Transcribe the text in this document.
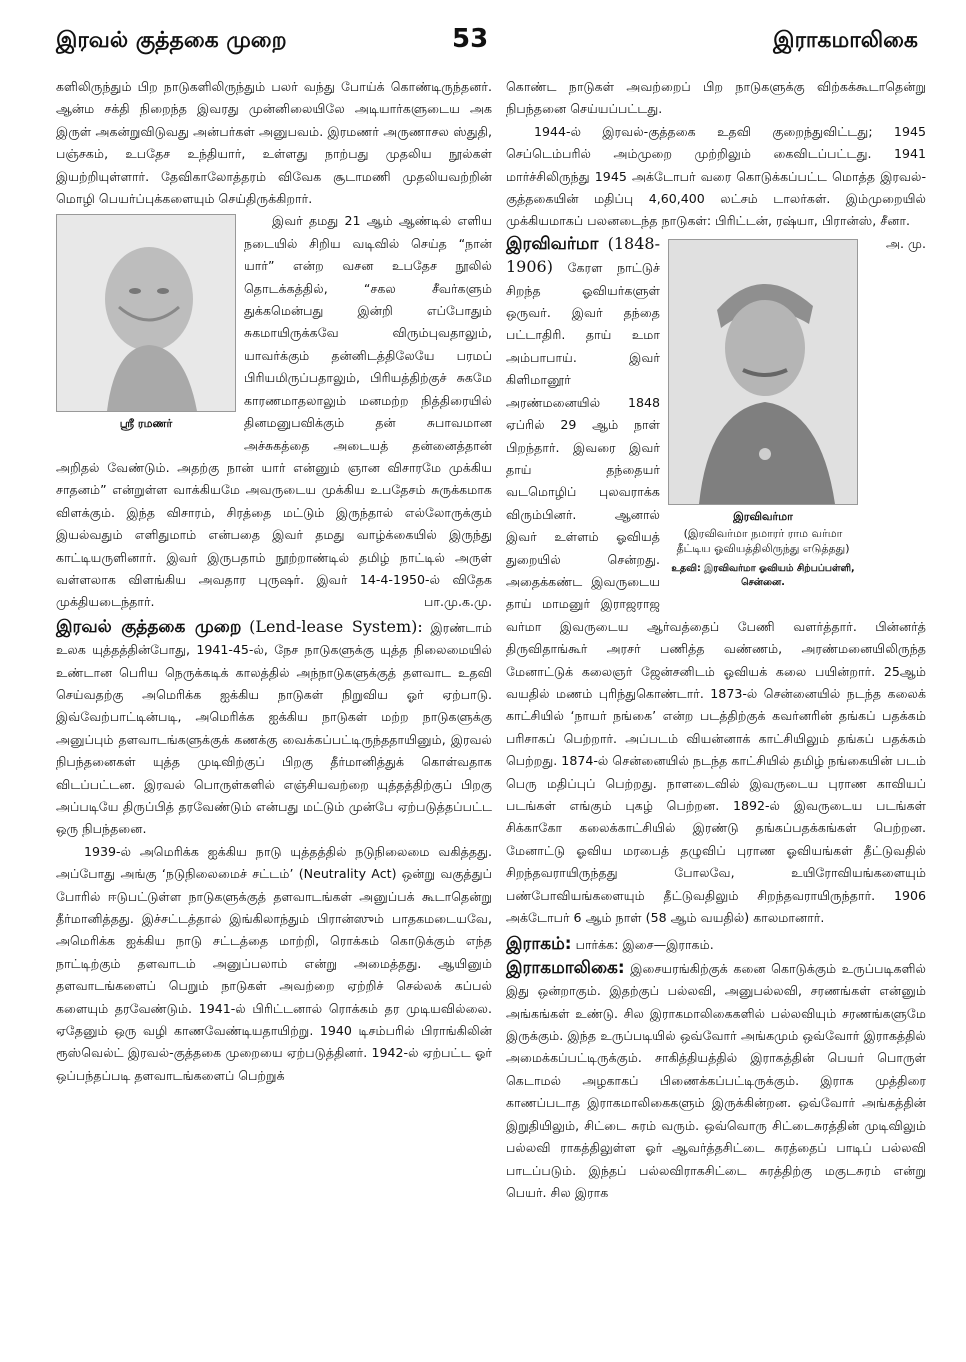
இரவல் குத்தகை முறை	53	இராகமாலிகை

களிலிருந்தும் பிற நாடுகளிலிருந்தும் பலர் வந்து போய்க் கொண்டிருந்தனர். ஆன்ம சக்தி நிறைந்த இவரது முன்னிலையிலே அடியார்களுடைய அக இருள் அகன்றுவிடுவது அன்பர்கள் அனுபவம். இரமணர் அருணாசல ஸ்துதி, பஞ்சகம், உபதேச உந்தியார், உள்ளது நாற்பது முதலிய நூல்கள் இயற்றியுள்ளார். தேவிகாலோத்தரம் விவேக சூடாமணி முதலியவற்றின் மொழி பெயர்ப்புக்களையும் செய்திருக்கிறார்.

ஸ்ரீ ரமணர்

இவர் தமது 21 ஆம் ஆண்டில் எளிய நடையில் சிறிய வடிவில் செய்த “நான் யார்” என்ற வசன உபதேச நூலில் தொடக்கத்தில், “சகல சீவர்களும் துக்கமென்பது இன்றி எப்போதும் சுகமாயிருக்கவே விரும்புவதாலும், யாவர்க்கும் தன்னிடத்திலேயே பரமப் பிரியமிருப்பதாலும், பிரியத்திற்குச் சுகமே காரணமாதலாலும் மனமற்ற நித்திரையில் தினமனுபவிக்கும் தன் சுபாவமான அச்சுகத்தை அடையத் தன்னைத்தான் அறிதல் வேண்டும். அதற்கு நான் யார் என்னும் ஞான விசாரமே முக்கிய சாதனம்” என்றுள்ள வாக்கியமே அவருடைய முக்கிய உபதேசம் சுருக்கமாக விளக்கும். இந்த விசாரம், சிரத்தை மட்டும் இருந்தால் எல்லோருக்கும் இயல்வதும் எளிதுமாம் என்பதை இவர் தமது வாழ்க்கையில் இருந்து காட்டியருளினார். இவர் இருபதாம் நூற்றாண்டில் தமிழ் நாட்டில் அருள் வள்ளலாக விளங்கிய அவதார புருஷர். இவர் 14-4-1950-ல் விதேக முக்தியடைந்தார்.	பா.மு.க.மு.

இரவல் குத்தகை முறை (Lend-lease System): இரண்டாம் உலக யுத்தத்தின்போது, 1941-45-ல், நேச நாடுகளுக்கு யுத்த நிலைமையில் உண்டான பெரிய நெருக்கடிக் காலத்தில் அந்நாடுகளுக்குத் தளவாட உதவி செய்வதற்கு அமெரிக்க ஐக்கிய நாடுகள் நிறுவிய ஓர் ஏற்பாடு. இவ்வேற்பாட்டின்படி, அமெரிக்க ஐக்கிய நாடுகள் மற்ற நாடுகளுக்கு அனுப்பும் தளவாடங்களுக்குக் கணக்கு வைக்கப்பட்டிருந்ததாயினும், இரவல் நிபந்தனைகள் யுத்த முடிவிற்குப் பிறகு தீர்மானித்துக் கொள்வதாக விடப்பட்டன. இரவல் பொருள்களில் எஞ்சியவற்றை யுத்தத்திற்குப் பிறகு அப்படியே திருப்பித் தரவேண்டும் என்பது மட்டும் முன்பே ஏற்படுத்தப்பட்ட ஒரு நிபந்தனை.

1939-ல் அமெரிக்க ஐக்கிய நாடு யுத்தத்தில் நடுநிலைமை வகித்தது. அப்போது அங்கு ‘நடுநிலைமைச் சட்டம்’ (Neutrality Act) ஒன்று வகுத்துப் போரில் ஈடுபட்டுள்ள நாடுகளுக்குத் தளவாடங்கள் அனுப்பக் கூடாதென்று தீர்மானித்தது. இச்சட்டத்தால் இங்கிலாந்தும் பிரான்ஸும் பாதகமடையவே, அமெரிக்க ஐக்கிய நாடு சட்டத்தை மாற்றி, ரொக்கம் கொடுக்கும் எந்த நாட்டிற்கும் தளவாடம் அனுப்பலாம் என்று அமைத்தது. ஆயினும் தளவாடங்களைப் பெறும் நாடுகள் அவற்றை ஏற்றிச் செல்லக் கப்பல் களையும் தரவேண்டும். 1941-ல் பிரிட்டனால் ரொக்கம் தர முடியவில்லை. ஏதேனும் ஒரு வழி காணவேண்டியதாயிற்று. 1940 டிசம்பரில் பிராங்கிலின் ரூஸ்வெல்ட் இரவல்-குத்தகை முறையை ஏற்படுத்தினர். 1942-ல் ஏற்பட்ட ஓர் ஒப்பந்தப்படி தளவாடங்களைப் பெற்றுக்

கொண்ட நாடுகள் அவற்றைப் பிற நாடுகளுக்கு விற்கக்கூடாதென்று நிபந்தனை செய்யப்பட்டது.

1944-ல் இரவல்-குத்தகை உதவி குறைந்துவிட்டது; 1945 செப்டெம்பரில் அம்முறை முற்றிலும் கைவிடப்பட்டது. 1941 மார்ச்சிலிருந்து 1945 அக்டோபர் வரை கொடுக்கப்பட்ட மொத்த இரவல்-குத்தகையின் மதிப்பு 4,60,400 லட்சம் டாலர்கள். இம்முறையில் முக்கியமாகப் பலனடைந்த நாடுகள்: பிரிட்டன், ரஷ்யா, பிரான்ஸ், சீனா.
அ. மு.

இரவிவர்மா
(இரவிவர்மா நமாரர் ராம வர்மா தீட்டிய ஓவியத்திலிருந்து எடுத்தது)
உதவி: இரவிவர்மா ஓவியம் சிற்பப்பள்ளி, சென்னை.

இரவிவர்மா (1848-1906) கேரள நாட்டுச் சிறந்த ஓவியர்களுள் ஒருவர். இவர் தந்தை பட்டாதிரி. தாய் உமா அம்பாபாய். இவர் கிளிமானூர் அரண்மனையில் 1848 ஏப்ரில் 29 ஆம் நாள் பிறந்தார். இவரை இவர் தாய் தந்தையர் வடமொழிப் புலவராக்க விரும்பினர். ஆனால் இவர் உள்ளம் ஓவியத் துறையில் சென்றது. அதைக்கண்ட இவருடைய தாய் மாமனுர் இராஜராஜ வர்மா இவருடைய ஆர்வத்தைப் பேணி வளர்த்தார். பின்னர்த் திருவிதாங்கூர் அரசர் பணித்த வண்ணம், அரண்மனையிலிருந்த மேனாட்டுக் கலைஞர் ஜேன்சனிடம் ஓவியக் கலை பயின்றார். 25ஆம் வயதில் மணம் புரிந்துகொண்டார். 1873-ல் சென்னையில் நடந்த கலைக் காட்சியில் ‘நாயர் நங்கை’ என்ற படத்திற்குக் கவர்னரின் தங்கப் பதக்கம் பரிசாகப் பெற்றார். அப்படம் வியன்னாக் காட்சியிலும் தங்கப் பதக்கம் பெற்றது. 1874-ல் சென்னையில் நடந்த காட்சியில் தமிழ் நங்கையின் படம் பெரு மதிப்புப் பெற்றது. நாளடைவில் இவருடைய புராண காவியப் படங்கள் எங்கும் புகழ் பெற்றன. 1892-ல் இவருடைய படங்கள் சிக்காகோ கலைக்காட்சியில் இரண்டு தங்கப்பதக்கங்கள் பெற்றன. மேனாட்டு ஓவிய மரபைத் தழுவிப் புராண ஓவியங்கள் தீட்டுவதில் சிறந்தவராயிருந்தது போலவே, உயிரோவியங்களையும் பண்போவியங்களையும் தீட்டுவதிலும் சிறந்தவராயிருந்தார். 1906 அக்டோபர் 6 ஆம் நாள் (58 ஆம் வயதில்) காலமானார்.

இராகம்: பார்க்க: இசை—இராகம்.

இராகமாலிகை: இசையரங்கிற்குக் கனை கொடுக்கும் உருப்படிகளில் இது ஒன்றாகும். இதற்குப் பல்லவி, அனுபல்லவி, சரணங்கள் என்னும் அங்கங்கள் உண்டு. சில இராகமாலிகைகளில் பல்லவியும் சரணங்களுமே இருக்கும். இந்த உருப்படியில் ஒவ்வோர் அங்கமும் ஒவ்வோர் இராகத்தில் அமைக்கப்பட்டிருக்கும். சாகித்தியத்தில் இராகத்தின் பெயர் பொருள் கெடாமல் அழகாகப் பிணைக்கப்பட்டிருக்கும். இராக முத்திரை காணப்படாத இராகமாலிகைகளும் இருக்கின்றன. ஒவ்வோர் அங்கத்தின் இறுதியிலும், சிட்டை சுரம் வரும். ஒவ்வொரு சிட்டைசுரத்தின் முடிவிலும் பல்லவி ராகத்திலுள்ள ஓர் ஆவர்த்தசிட்டை சுரத்தைப் பாடிப் பல்லவி பாடப்படும். இந்தப் பல்லவிராகசிட்டை சுரத்திற்கு மகுடசுரம் என்று பெயர். சில இராக
